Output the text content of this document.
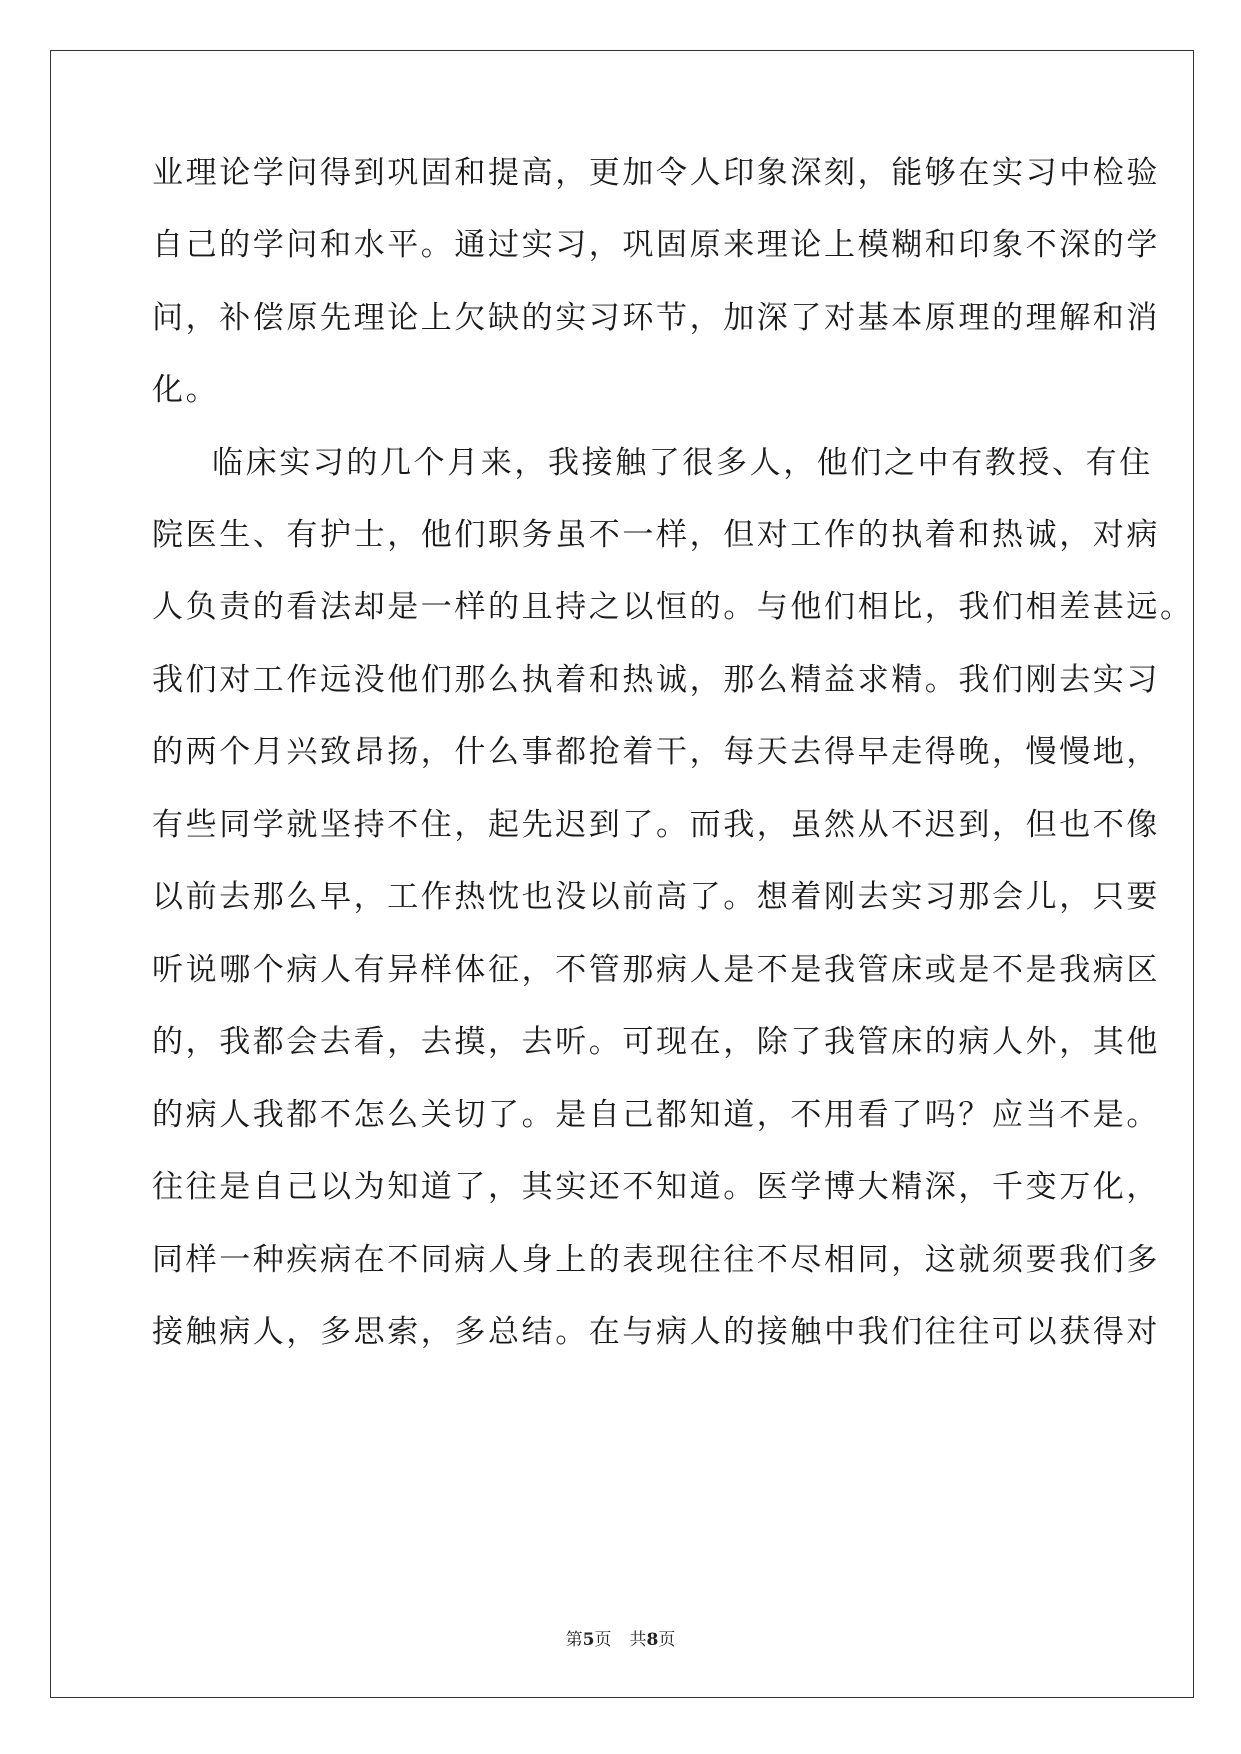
业理论学问得到巩固和提高，更加令人印象深刻，能够在实习中检验
自己的学问和水平。通过实习，巩固原来理论上模糊和印象不深的学
问，补偿原先理论上欠缺的实习环节，加深了对基本原理的理解和消
化。
临床实习的几个月来，我接触了很多人，他们之中有教授、有住
院医生、有护士，他们职务虽不一样，但对工作的执着和热诚，对病
人负责的看法却是一样的且持之以恒的。与他们相比，我们相差甚远。
我们对工作远没他们那么执着和热诚，那么精益求精。我们刚去实习
的两个月兴致昂扬，什么事都抢着干，每天去得早走得晚，慢慢地，
有些同学就坚持不住，起先迟到了。而我，虽然从不迟到，但也不像
以前去那么早，工作热忱也没以前高了。想着刚去实习那会儿，只要
听说哪个病人有异样体征，不管那病人是不是我管床或是不是我病区
的，我都会去看，去摸，去听。可现在，除了我管床的病人外，其他
的病人我都不怎么关切了。是自己都知道，不用看了吗？应当不是。
往往是自己以为知道了，其实还不知道。医学博大精深，千变万化，
同样一种疾病在不同病人身上的表现往往不尽相同，这就须要我们多
接触病人，多思索，多总结。在与病人的接触中我们往往可以获得对
第5页 共8页
